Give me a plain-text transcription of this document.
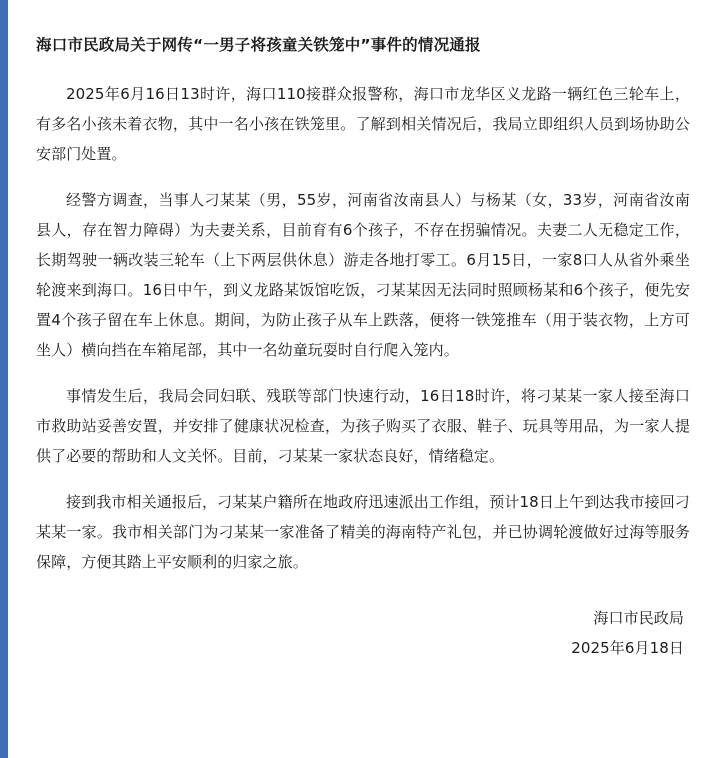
海口市民政局关于网传“一男子将孩童关铁笼中”事件的情况通报

2025年6月16日13时许，海口110接群众报警称，海口市龙华区义龙路一辆红色三轮车上，有多名小孩未着衣物，其中一名小孩在铁笼里。了解到相关情况后，我局立即组织人员到场协助公安部门处置。

经警方调查，当事人刁某某（男，55岁，河南省汝南县人）与杨某（女，33岁，河南省汝南县人，存在智力障碍）为夫妻关系，目前育有6个孩子，不存在拐骗情况。夫妻二人无稳定工作，长期驾驶一辆改装三轮车（上下两层供休息）游走各地打零工。6月15日，一家8口人从省外乘坐轮渡来到海口。16日中午，到义龙路某饭馆吃饭，刁某某因无法同时照顾杨某和6个孩子，便先安置4个孩子留在车上休息。期间，为防止孩子从车上跌落，便将一铁笼推车（用于装衣物，上方可坐人）横向挡在车箱尾部，其中一名幼童玩耍时自行爬入笼内。

事情发生后，我局会同妇联、残联等部门快速行动，16日18时许，将刁某某一家人接至海口市救助站妥善安置，并安排了健康状况检查，为孩子购买了衣服、鞋子、玩具等用品，为一家人提供了必要的帮助和人文关怀。目前，刁某某一家状态良好，情绪稳定。

接到我市相关通报后，刁某某户籍所在地政府迅速派出工作组，预计18日上午到达我市接回刁某某一家。我市相关部门为刁某某一家准备了精美的海南特产礼包，并已协调轮渡做好过海等服务保障，方便其踏上平安顺利的归家之旅。

海口市民政局
2025年6月18日
